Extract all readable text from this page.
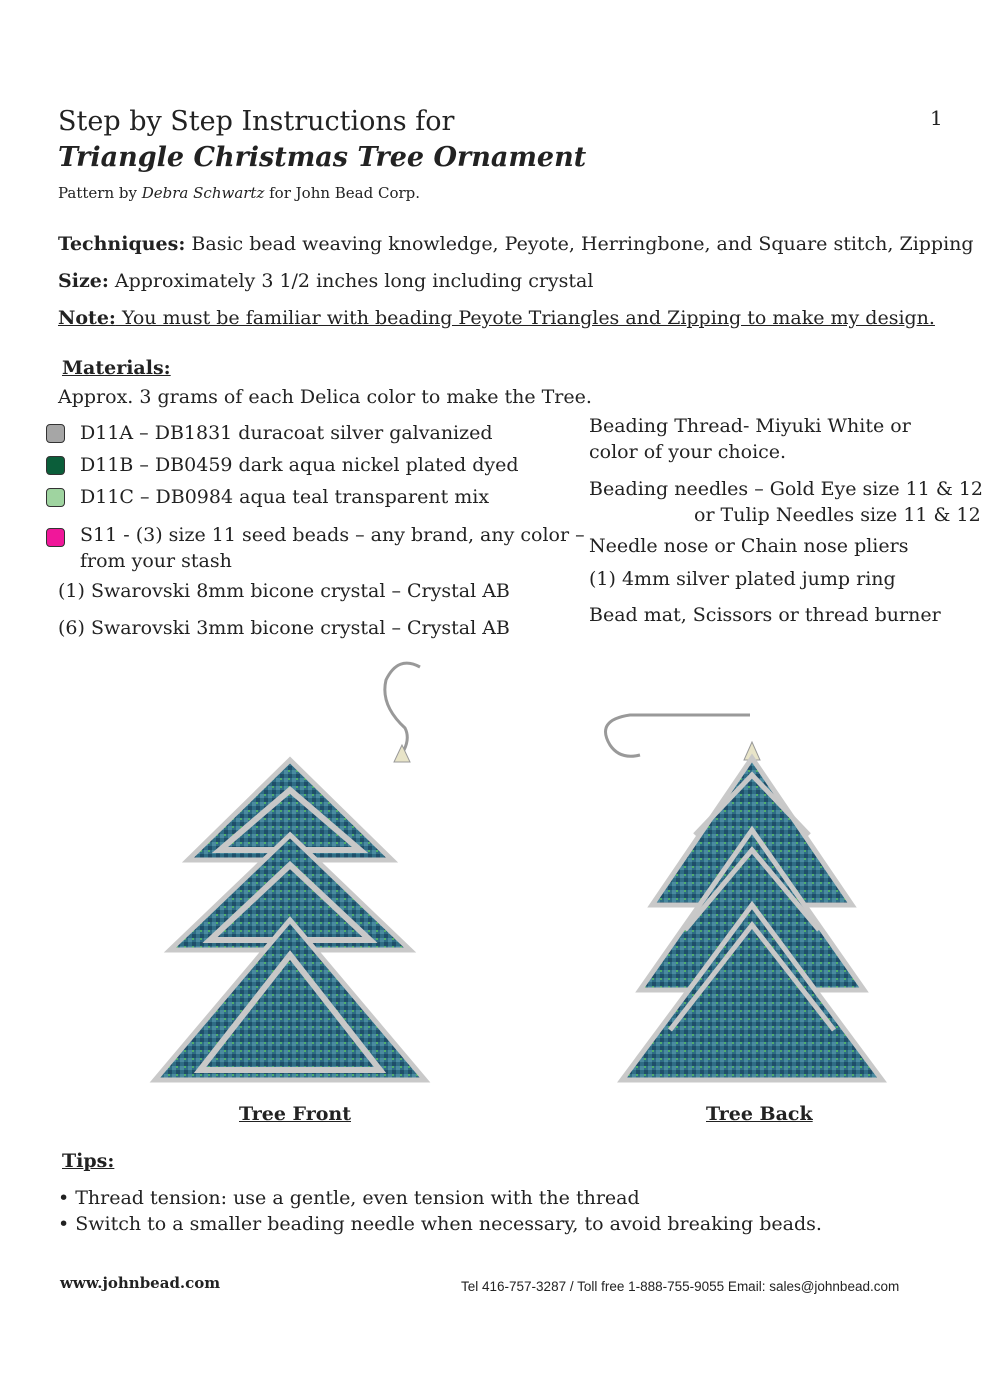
Step by Step Instructions for
Triangle Christmas Tree Ornament
1
Pattern by Debra Schwartz for John Bead Corp.
Techniques: Basic bead weaving knowledge, Peyote, Herringbone, and Square stitch, Zipping
Size: Approximately 3 1/2 inches long including crystal
Note: You must be familiar with beading Peyote Triangles and Zipping to make my design.
Materials:
Approx. 3 grams of each Delica color to make the Tree.
D11A – DB1831 duracoat silver galvanized
D11B – DB0459 dark aqua nickel plated dyed
D11C – DB0984 aqua teal transparent mix
S11 - (3) size 11 seed beads – any brand, any color –
from your stash
(1) Swarovski 8mm bicone crystal – Crystal AB
(6) Swarovski 3mm bicone crystal – Crystal AB
Beading Thread- Miyuki White or
color of your choice.
Beading needles – Gold Eye size 11 & 12
or Tulip Needles size 11 & 12
Needle nose or Chain nose pliers
(1) 4mm silver plated jump ring
Bead mat, Scissors or thread burner
Tree Front	Tree Back
Tips:
• Thread tension: use a gentle, even tension with the thread
• Switch to a smaller beading needle when necessary, to avoid breaking beads.
www.johnbead.com	Tel 416-757-3287 / Toll free 1-888-755-9055 Email: sales@johnbead.com
